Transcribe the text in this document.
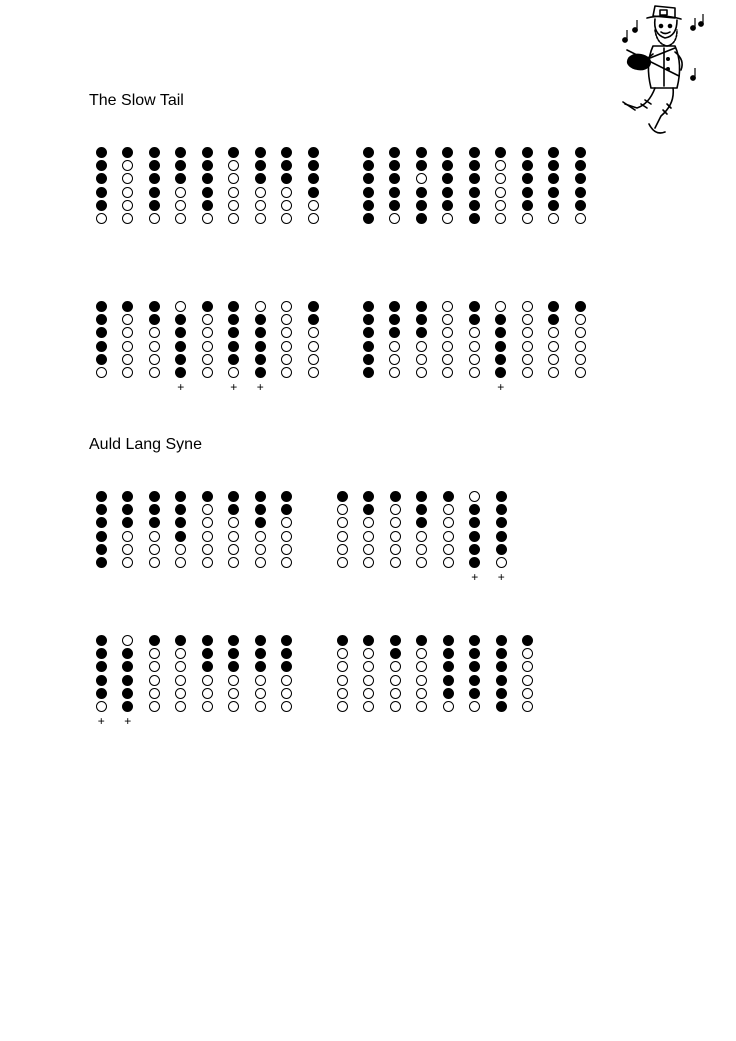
The Slow Tail
Auld Lang Syne
+	+ +	+
+ +
+ +
